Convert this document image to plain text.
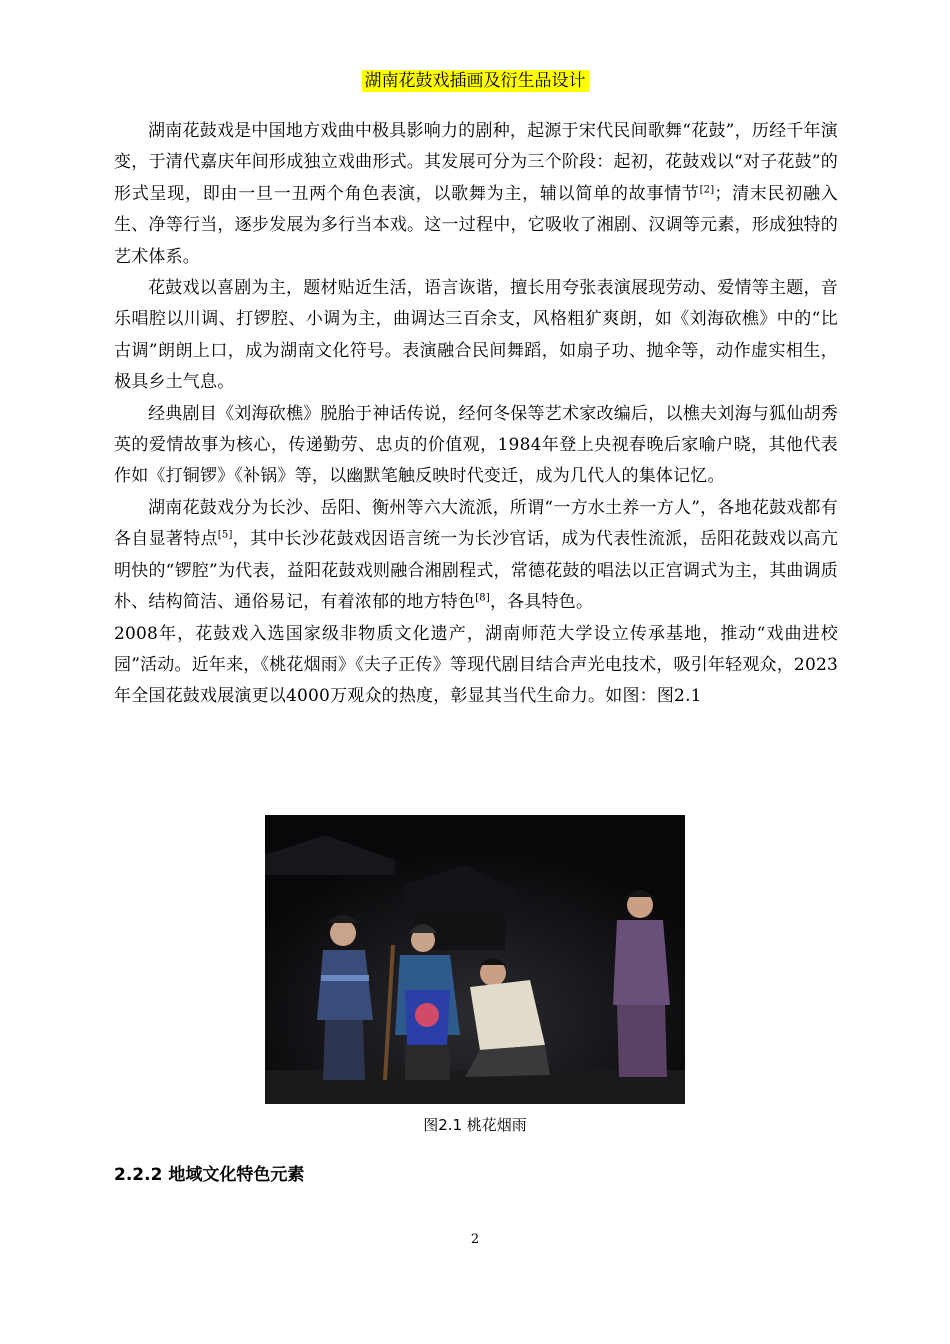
湖南花鼓戏插画及衍生品设计

湖南花鼓戏是中国地方戏曲中极具影响力的剧种，起源于宋代民间歌舞“花鼓”，历经千年演变，于清代嘉庆年间形成独立戏曲形式。其发展可分为三个阶段：起初，花鼓戏以“对子花鼓”的形式呈现，即由一旦一丑两个角色表演，以歌舞为主，辅以简单的故事情节[2]；清末民初融入生、净等行当，逐步发展为多行当本戏。这一过程中，它吸收了湘剧、汉调等元素，形成独特的艺术体系。

花鼓戏以喜剧为主，题材贴近生活，语言诙谐，擅长用夸张表演展现劳动、爱情等主题，音乐唱腔以川调、打锣腔、小调为主，曲调达三百余支，风格粗犷爽朗，如《刘海砍樵》中的“比古调”朗朗上口，成为湖南文化符号。表演融合民间舞蹈，如扇子功、抛伞等，动作虚实相生，极具乡土气息。

经典剧目《刘海砍樵》脱胎于神话传说，经何冬保等艺术家改编后，以樵夫刘海与狐仙胡秀英的爱情故事为核心，传递勤劳、忠贞的价值观，1984年登上央视春晚后家喻户晓，其他代表作如《打铜锣》《补锅》等，以幽默笔触反映时代变迁，成为几代人的集体记忆。

湖南花鼓戏分为长沙、岳阳、衡州等六大流派，所谓“一方水土养一方人”，各地花鼓戏都有各自显著特点[5]，其中长沙花鼓戏因语言统一为长沙官话，成为代表性流派，岳阳花鼓戏以高亢明快的“锣腔”为代表，益阳花鼓戏则融合湘剧程式，常德花鼓的唱法以正宫调式为主，其曲调质朴、结构简洁、通俗易记，有着浓郁的地方特色[8]，各具特色。

2008年，花鼓戏入选国家级非物质文化遗产，湖南师范大学设立传承基地，推动“戏曲进校园”活动。近年来，《桃花烟雨》《夫子正传》等现代剧目结合声光电技术，吸引年轻观众，2023年全国花鼓戏展演更以4000万观众的热度，彰显其当代生命力。如图：图2.1

图2.1 桃花烟雨
2.2.2 地域文化特色元素
2
